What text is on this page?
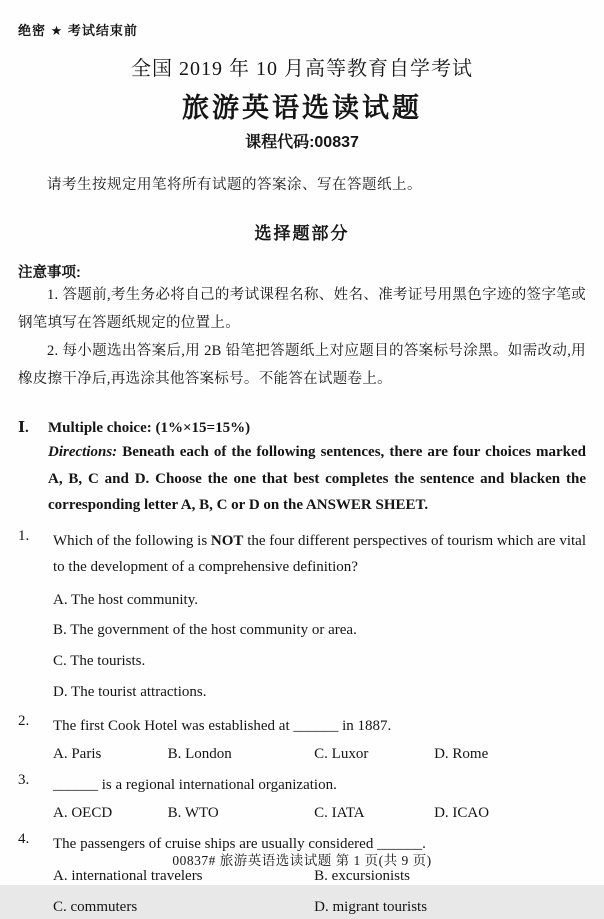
绝密 ★ 考试结束前
全国 2019 年 10 月高等教育自学考试
旅游英语选读试题
课程代码:00837

请考生按规定用笔将所有试题的答案涂、写在答题纸上。

选择题部分
注意事项:

1. 答题前,考生务必将自己的考试课程名称、姓名、准考证号用黑色字迹的签字笔或钢笔填写在答题纸规定的位置上。

2. 每小题选出答案后,用 2B 铅笔把答题纸上对应题目的答案标号涂黑。如需改动,用橡皮擦干净后,再选涂其他答案标号。不能答在试题卷上。

Ⅰ. Multiple choice: (1%×15=15%)

Directions: Beneath each of the following sentences, there are four choices marked A, B, C and D. Choose the one that best completes the sentence and blacken the corresponding letter A, B, C or D on the ANSWER SHEET.

1.	Which of the following is NOT the four different perspectives of tourism which are vital to the development of a comprehensive definition?
A. The host community.
B. The government of the host community or area.
C. The tourists.
D. The tourist attractions.
2.	The first Cook Hotel was established at ______ in 1887.
A. Paris	B. London	C. Luxor	D. Rome
3.	______ is a regional international organization.
A. OECD	B. WTO	C. IATA	D. ICAO
4.	The passengers of cruise ships are usually considered ______.
A. international travelers	B. excursionists
C. commuters	D. migrant tourists
00837# 旅游英语选读试题 第 1 页(共 9 页)
